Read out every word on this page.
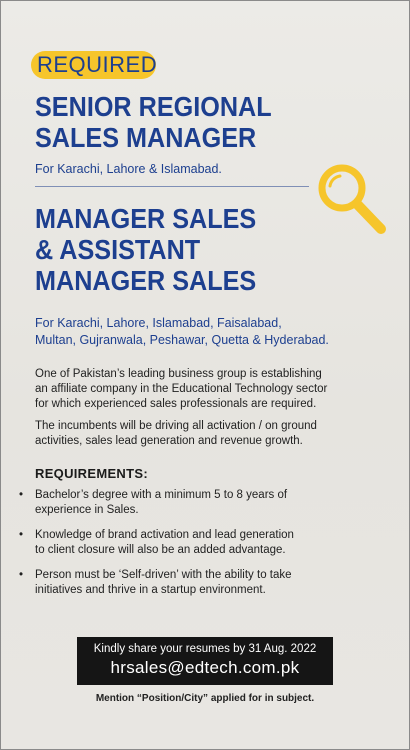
REQUIRED
SENIOR REGIONAL
SALES MANAGER
For Karachi, Lahore & Islamabad.
MANAGER SALES
& ASSISTANT
MANAGER SALES
For Karachi, Lahore, Islamabad, Faisalabad,
Multan, Gujranwala, Peshawar, Quetta & Hyderabad.
One of Pakistan’s leading business group is establishing
an affiliate company in the Educational Technology sector
for which experienced sales professionals are required.
The incumbents will be driving all activation / on ground
activities, sales lead generation and revenue growth.
REQUIREMENTS:
• Bachelor’s degree with a minimum 5 to 8 years of
experience in Sales.
• Knowledge of brand activation and lead generation
to client closure will also be an added advantage.
• Person must be ‘Self-driven’ with the ability to take
initiatives and thrive in a startup environment.
Kindly share your resumes by 31 Aug. 2022
hrsales@edtech.com.pk
Mention “Position/City” applied for in subject.
